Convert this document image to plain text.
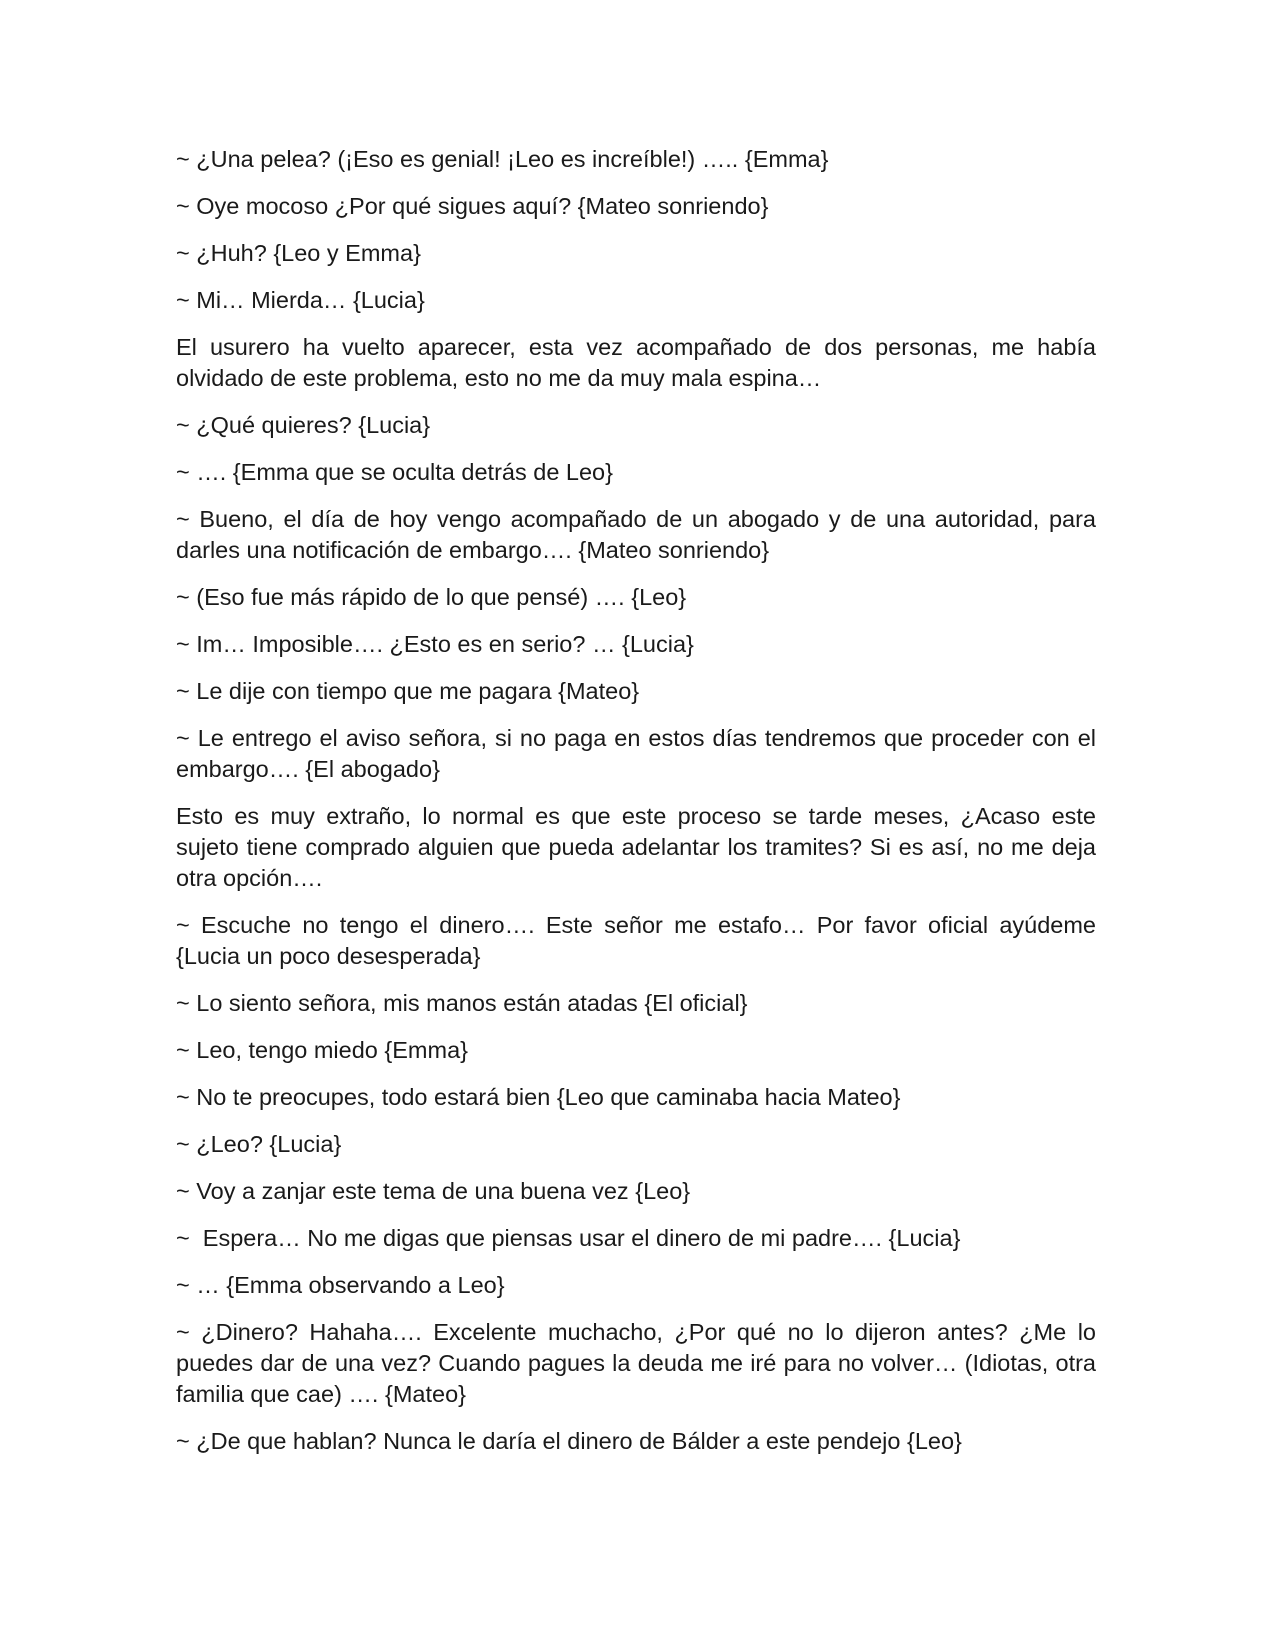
~ ¿Una pelea? (¡Eso es genial! ¡Leo es increíble!) ….. {Emma}

~ Oye mocoso ¿Por qué sigues aquí? {Mateo sonriendo}

~ ¿Huh? {Leo y Emma}

~ Mi… Mierda… {Lucia}

El usurero ha vuelto aparecer, esta vez acompañado de dos personas, me había olvidado de este problema, esto no me da muy mala espina…

~ ¿Qué quieres? {Lucia}

~ …. {Emma que se oculta detrás de Leo}

~ Bueno, el día de hoy vengo acompañado de un abogado y de una autoridad, para darles una notificación de embargo…. {Mateo sonriendo}

~ (Eso fue más rápido de lo que pensé) …. {Leo}

~ Im… Imposible…. ¿Esto es en serio? … {Lucia}

~ Le dije con tiempo que me pagara {Mateo}

~ Le entrego el aviso señora, si no paga en estos días tendremos que proceder con el embargo…. {El abogado}

Esto es muy extraño, lo normal es que este proceso se tarde meses, ¿Acaso este sujeto tiene comprado alguien que pueda adelantar los tramites? Si es así, no me deja otra opción….

~ Escuche no tengo el dinero…. Este señor me estafo… Por favor oficial ayúdeme {Lucia un poco desesperada}

~ Lo siento señora, mis manos están atadas {El oficial}

~ Leo, tengo miedo {Emma}

~ No te preocupes, todo estará bien {Leo que caminaba hacia Mateo}

~ ¿Leo? {Lucia}

~ Voy a zanjar este tema de una buena vez {Leo}

~  Espera… No me digas que piensas usar el dinero de mi padre…. {Lucia}

~ … {Emma observando a Leo}

~ ¿Dinero? Hahaha…. Excelente muchacho, ¿Por qué no lo dijeron antes? ¿Me lo puedes dar de una vez? Cuando pagues la deuda me iré para no volver… (Idiotas, otra familia que cae) …. {Mateo}

~ ¿De que hablan? Nunca le daría el dinero de Bálder a este pendejo {Leo}
